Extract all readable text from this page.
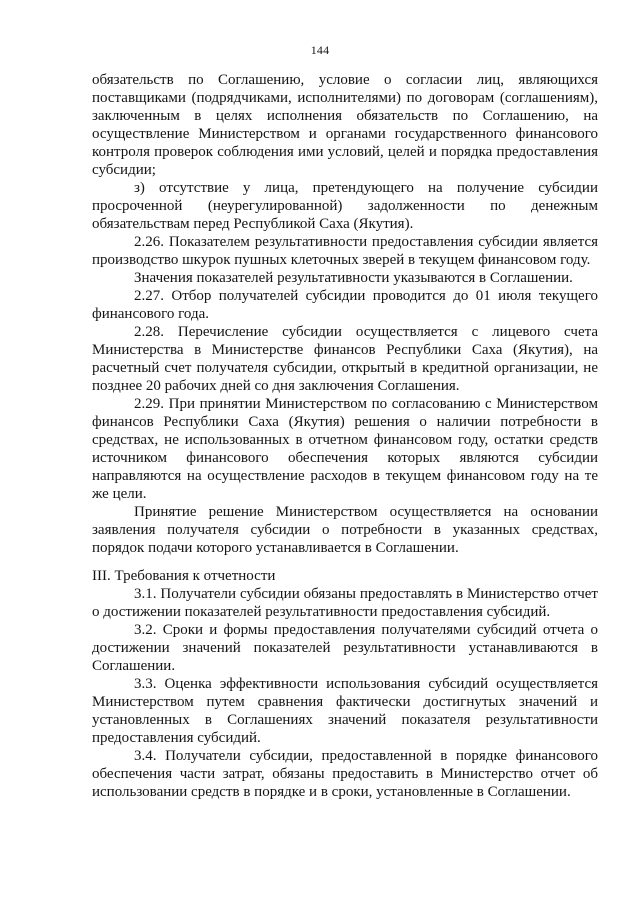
144

обязательств по Соглашению, условие о согласии лиц, являющихся поставщиками (подрядчиками, исполнителями) по договорам (соглашениям), заключенным в целях исполнения обязательств по Соглашению, на осуществление Министерством и органами государственного финансового контроля проверок соблюдения ими условий, целей и порядка предоставления субсидии;

з) отсутствие у лица, претендующего на получение субсидии просроченной (неурегулированной) задолженности по денежным обязательствам перед Республикой Саха (Якутия).

2.26. Показателем результативности предоставления субсидии является производство шкурок пушных клеточных зверей в текущем финансовом году.

Значения показателей результативности указываются в Соглашении.

2.27. Отбор получателей субсидии проводится до 01 июля текущего финансового года.

2.28. Перечисление субсидии осуществляется с лицевого счета Министерства в Министерстве финансов Республики Саха (Якутия), на расчетный счет получателя субсидии, открытый в кредитной организации, не позднее 20 рабочих дней со дня заключения Соглашения.

2.29. При принятии Министерством по согласованию с Министерством финансов Республики Саха (Якутия) решения о наличии потребности в средствах, не использованных в отчетном финансовом году, остатки средств источником финансового обеспечения которых являются субсидии направляются на осуществление расходов в текущем финансовом году на те же цели.

Принятие решение Министерством осуществляется на основании заявления получателя субсидии о потребности в указанных средствах, порядок подачи которого устанавливается в Соглашении.

III. Требования к отчетности

3.1. Получатели субсидии обязаны предоставлять в Министерство отчет о достижении показателей результативности предоставления субсидий.

3.2. Сроки и формы предоставления получателями субсидий отчета о достижении значений показателей результативности устанавливаются в Соглашении.

3.3. Оценка эффективности использования субсидий осуществляется Министерством путем сравнения фактически достигнутых значений и установленных в Соглашениях значений показателя результативности предоставления субсидий.

3.4. Получатели субсидии, предоставленной в порядке финансового обеспечения части затрат, обязаны предоставить в Министерство отчет об использовании средств в порядке и в сроки, установленные в Соглашении.
